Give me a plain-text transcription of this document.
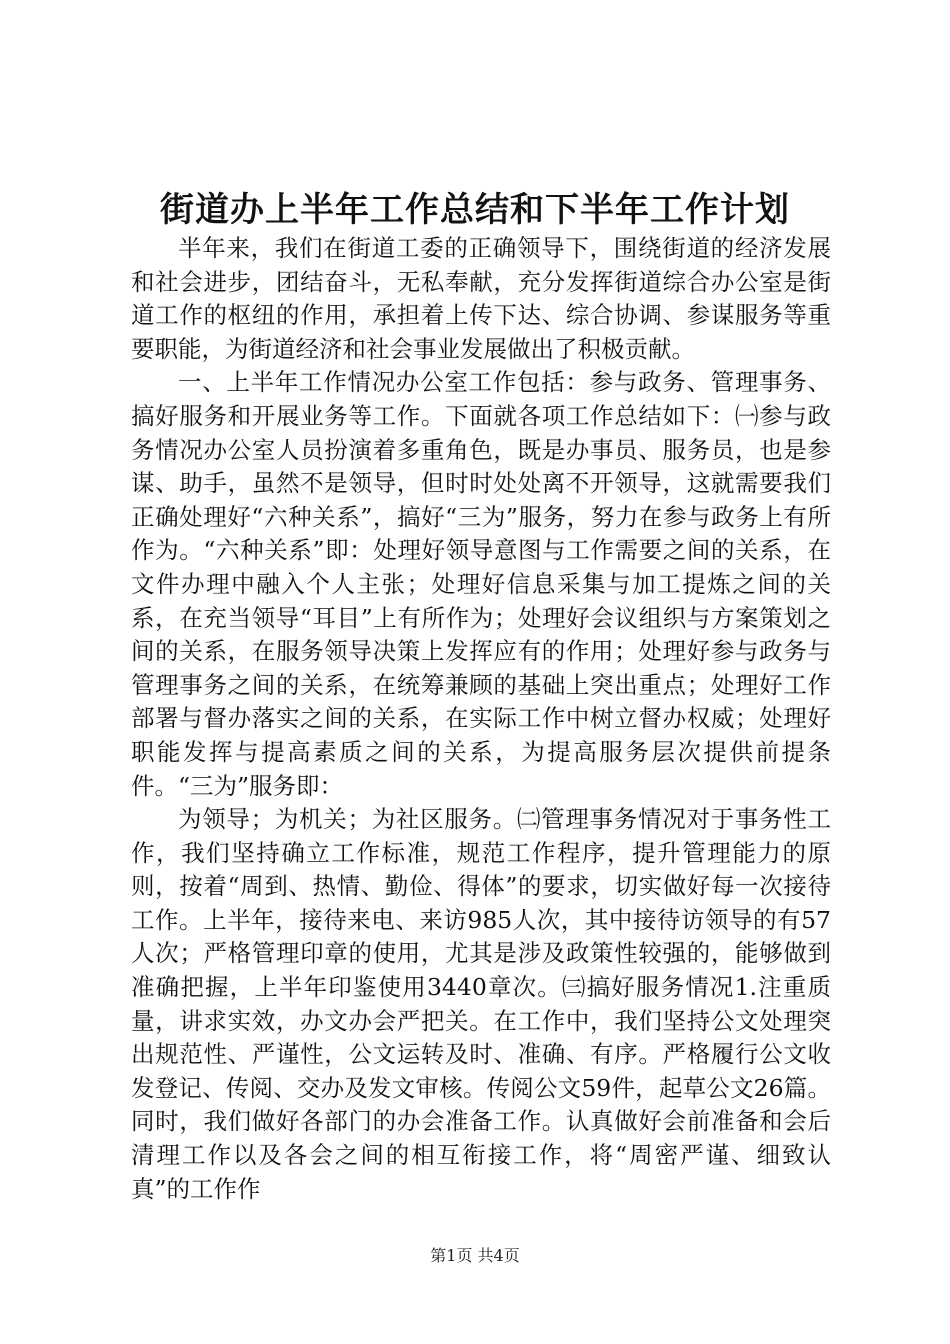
街道办上半年工作总结和下半年工作计划

半年来，我们在街道工委的正确领导下，围绕街道的经济发展和社会进步，团结奋斗，无私奉献，充分发挥街道综合办公室是街道工作的枢纽的作用，承担着上传下达、综合协调、参谋服务等重要职能，为街道经济和社会事业发展做出了积极贡献。

一、上半年工作情况办公室工作包括：参与政务、管理事务、搞好服务和开展业务等工作。下面就各项工作总结如下：㈠参与政务情况办公室人员扮演着多重角色，既是办事员、服务员，也是参谋、助手，虽然不是领导，但时时处处离不开领导，这就需要我们正确处理好“六种关系”，搞好“三为”服务，努力在参与政务上有所作为。“六种关系”即：处理好领导意图与工作需要之间的关系，在文件办理中融入个人主张；处理好信息采集与加工提炼之间的关系，在充当领导“耳目”上有所作为；处理好会议组织与方案策划之间的关系，在服务领导决策上发挥应有的作用；处理好参与政务与管理事务之间的关系，在统筹兼顾的基础上突出重点；处理好工作部署与督办落实之间的关系，在实际工作中树立督办权威；处理好职能发挥与提高素质之间的关系，为提高服务层次提供前提条件。“三为”服务即：

为领导；为机关；为社区服务。㈡管理事务情况对于事务性工作，我们坚持确立工作标准，规范工作程序，提升管理能力的原则，按着“周到、热情、勤俭、得体”的要求，切实做好每一次接待工作。上半年，接待来电、来访985人次，其中接待访领导的有57人次；严格管理印章的使用，尤其是涉及政策性较强的，能够做到准确把握，上半年印鉴使用3440章次。㈢搞好服务情况1.注重质量，讲求实效，办文办会严把关。在工作中，我们坚持公文处理突出规范性、严谨性，公文运转及时、准确、有序。严格履行公文收发登记、传阅、交办及发文审核。传阅公文59件，起草公文26篇。同时，我们做好各部门的办会准备工作。认真做好会前准备和会后清理工作以及各会之间的相互衔接工作，将“周密严谨、细致认真”的工作作

第1页 共4页
